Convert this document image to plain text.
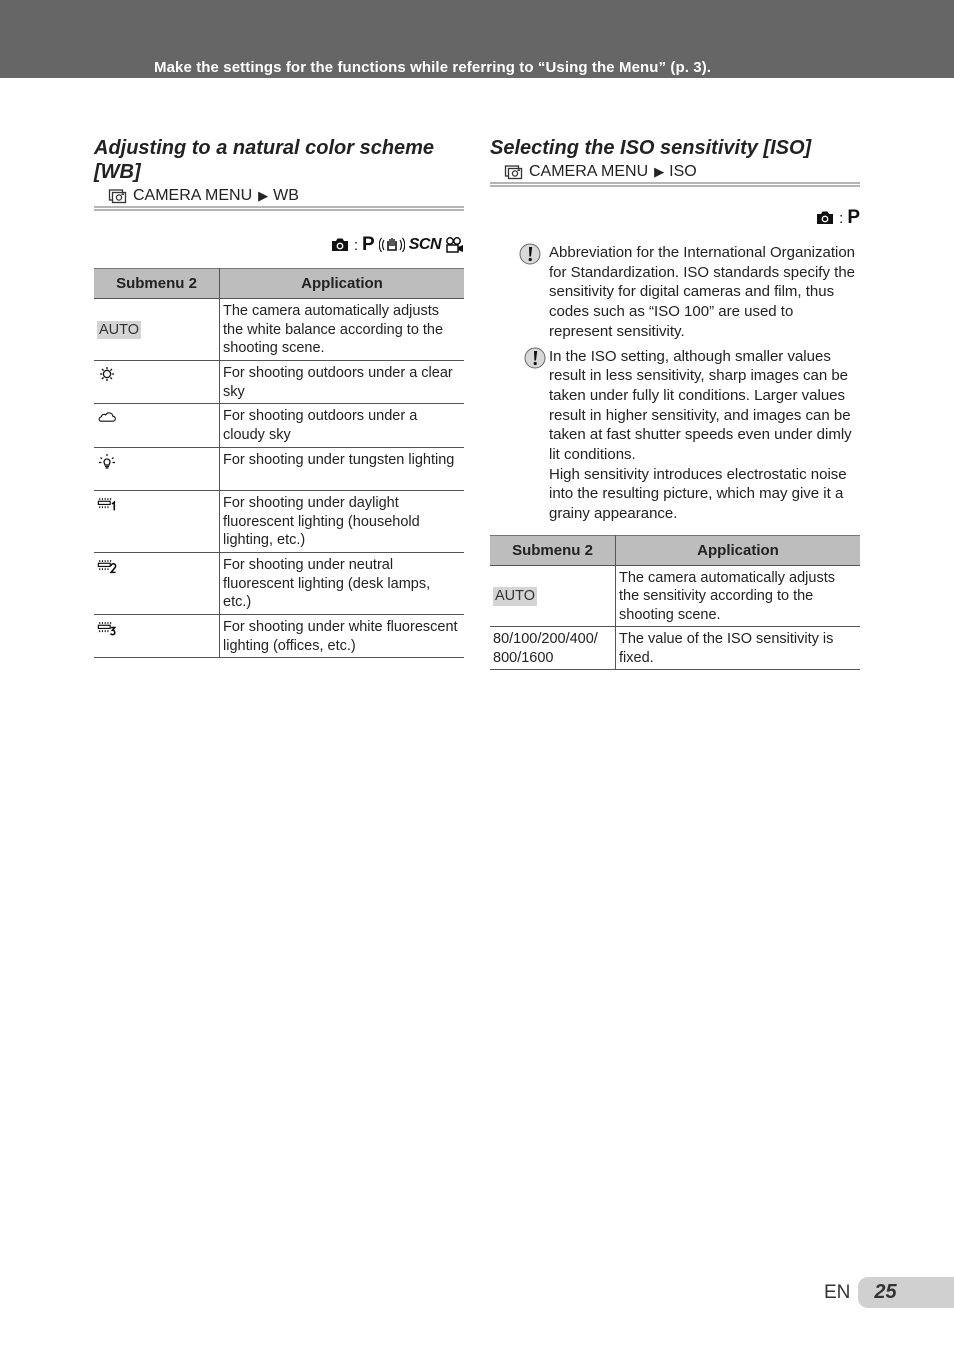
Make the settings for the functions while referring to “Using the Menu” (p. 3).
Adjusting to a natural color scheme [WB]
CAMERA MENU ▶ WB
: P SCN
Submenu 2	Application
AUTO	The camera automatically adjusts the white balance according to the shooting scene.

	For shooting outdoors under a clear sky

	For shooting outdoors under a cloudy sky

	For shooting under tungsten lighting

	For shooting under daylight fluorescent lighting (household lighting, etc.)

	For shooting under neutral fluorescent lighting (desk lamps, etc.)

	For shooting under white fluorescent lighting (offices, etc.)
Selecting the ISO sensitivity [ISO]
CAMERA MENU ▶ ISO
: P
Abbreviation for the International Organization for Standardization. ISO standards specify the sensitivity for digital cameras and film, thus codes such as “ISO 100” are used to represent sensitivity.
In the ISO setting, although smaller values result in less sensitivity, sharp images can be taken under fully lit conditions. Larger values result in higher sensitivity, and images can be taken at fast shutter speeds even under dimly lit conditions.
High sensitivity introduces electrostatic noise into the resulting picture, which may give it a grainy appearance.
Submenu 2	Application
AUTO	The camera automatically adjusts the sensitivity according to the shooting scene.
80/100/200/400/ 800/1600	The value of the ISO sensitivity is fixed.
EN 25
